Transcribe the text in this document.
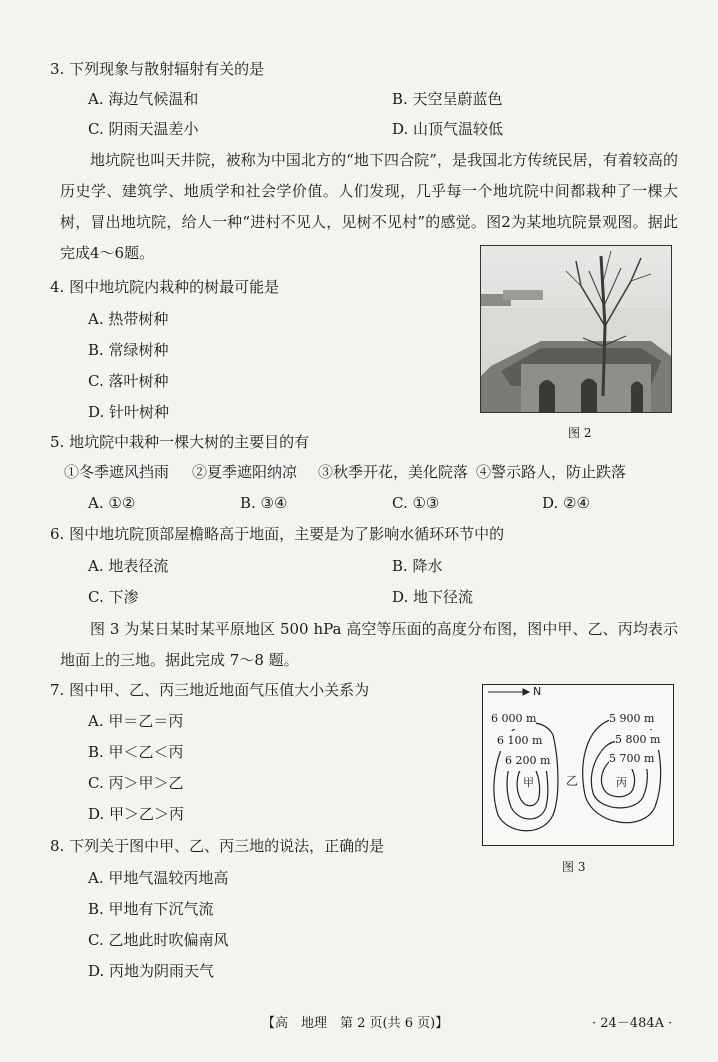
3. 下列现象与散射辐射有关的是
A. 海边气候温和	B. 天空呈蔚蓝色
C. 阴雨天温差小	D. 山顶气温较低
地坑院也叫天井院，被称为中国北方的“地下四合院”，是我国北方传统民居，有着较高的历史学、建筑学、地质学和社会学价值。人们发现，几乎每一个地坑院中间都栽种了一棵大树，冒出地坑院，给人一种“进村不见人，见树不见村”的感觉。图2为某地坑院景观图。据此完成4～6题。
4. 图中地坑院内栽种的树最可能是
A. 热带树种
B. 常绿树种
C. 落叶树种
D. 针叶树种
图 2
5. 地坑院中栽种一棵大树的主要目的有
①冬季遮风挡雨 ②夏季遮阳纳凉 ③秋季开花，美化院落 ④警示路人，防止跌落
A. ①②	B. ③④	C. ①③	D. ②④
6. 图中地坑院顶部屋檐略高于地面，主要是为了影响水循环环节中的
A. 地表径流	B. 降水
C. 下渗	D. 地下径流
图 3 为某日某时某平原地区 500 hPa 高空等压面的高度分布图，图中甲、乙、丙均表示地面上的三地。据此完成 7～8 题。
7. 图中甲、乙、丙三地近地面气压值大小关系为
A. 甲＝乙＝丙
B. 甲＜乙＜丙
C. 丙＞甲＞乙
D. 甲＞乙＞丙
N
6 000 m
6 100 m
6 200 m
甲	乙
5 900 m
5 800 m
5 700 m
丙
图 3
8. 下列关于图中甲、乙、丙三地的说法，正确的是
A. 甲地气温较丙地高
B. 甲地有下沉气流
C. 乙地此时吹偏南风
D. 丙地为阴雨天气
【高　地理　第 2 页(共 6 页)】	· 24－484A ·
